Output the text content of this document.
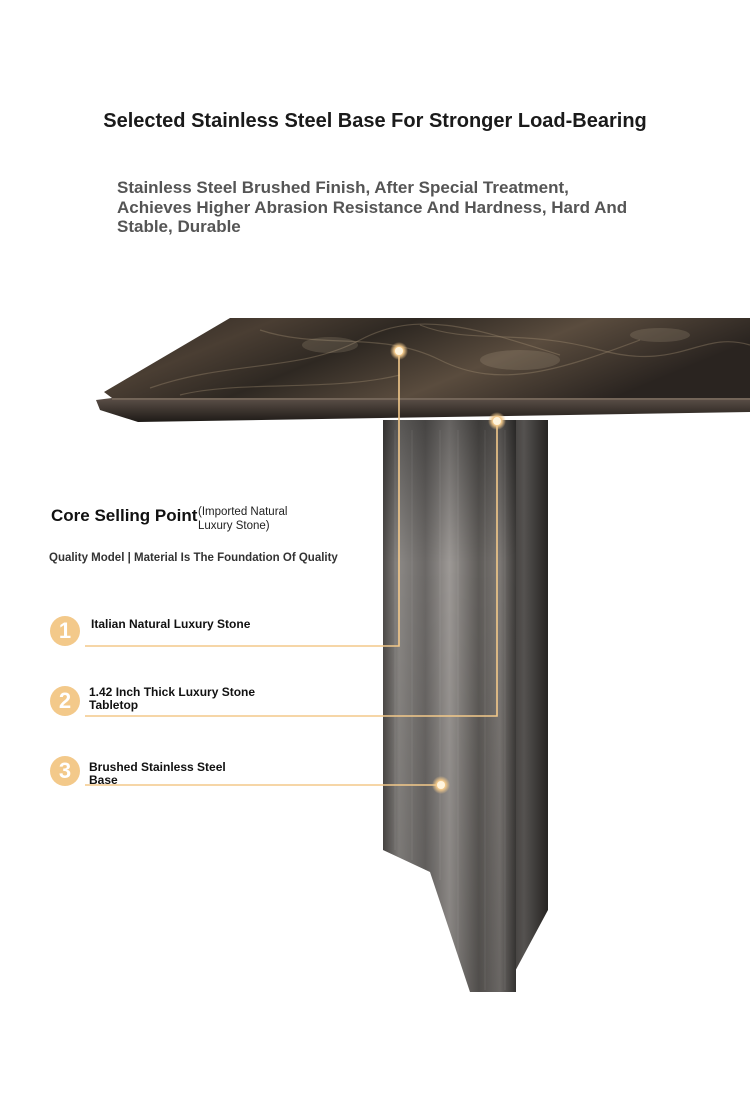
Selected Stainless Steel Base For Stronger Load-Bearing
Stainless Steel Brushed Finish, After Special Treatment, Achieves Higher Abrasion Resistance And Hardness, Hard And Stable, Durable
Core Selling Point (Imported Natural Luxury Stone)
Quality Model | Material Is The Foundation Of Quality
1	Italian Natural Luxury Stone
2	1.42 Inch Thick Luxury Stone Tabletop
3	Brushed Stainless Steel Base
